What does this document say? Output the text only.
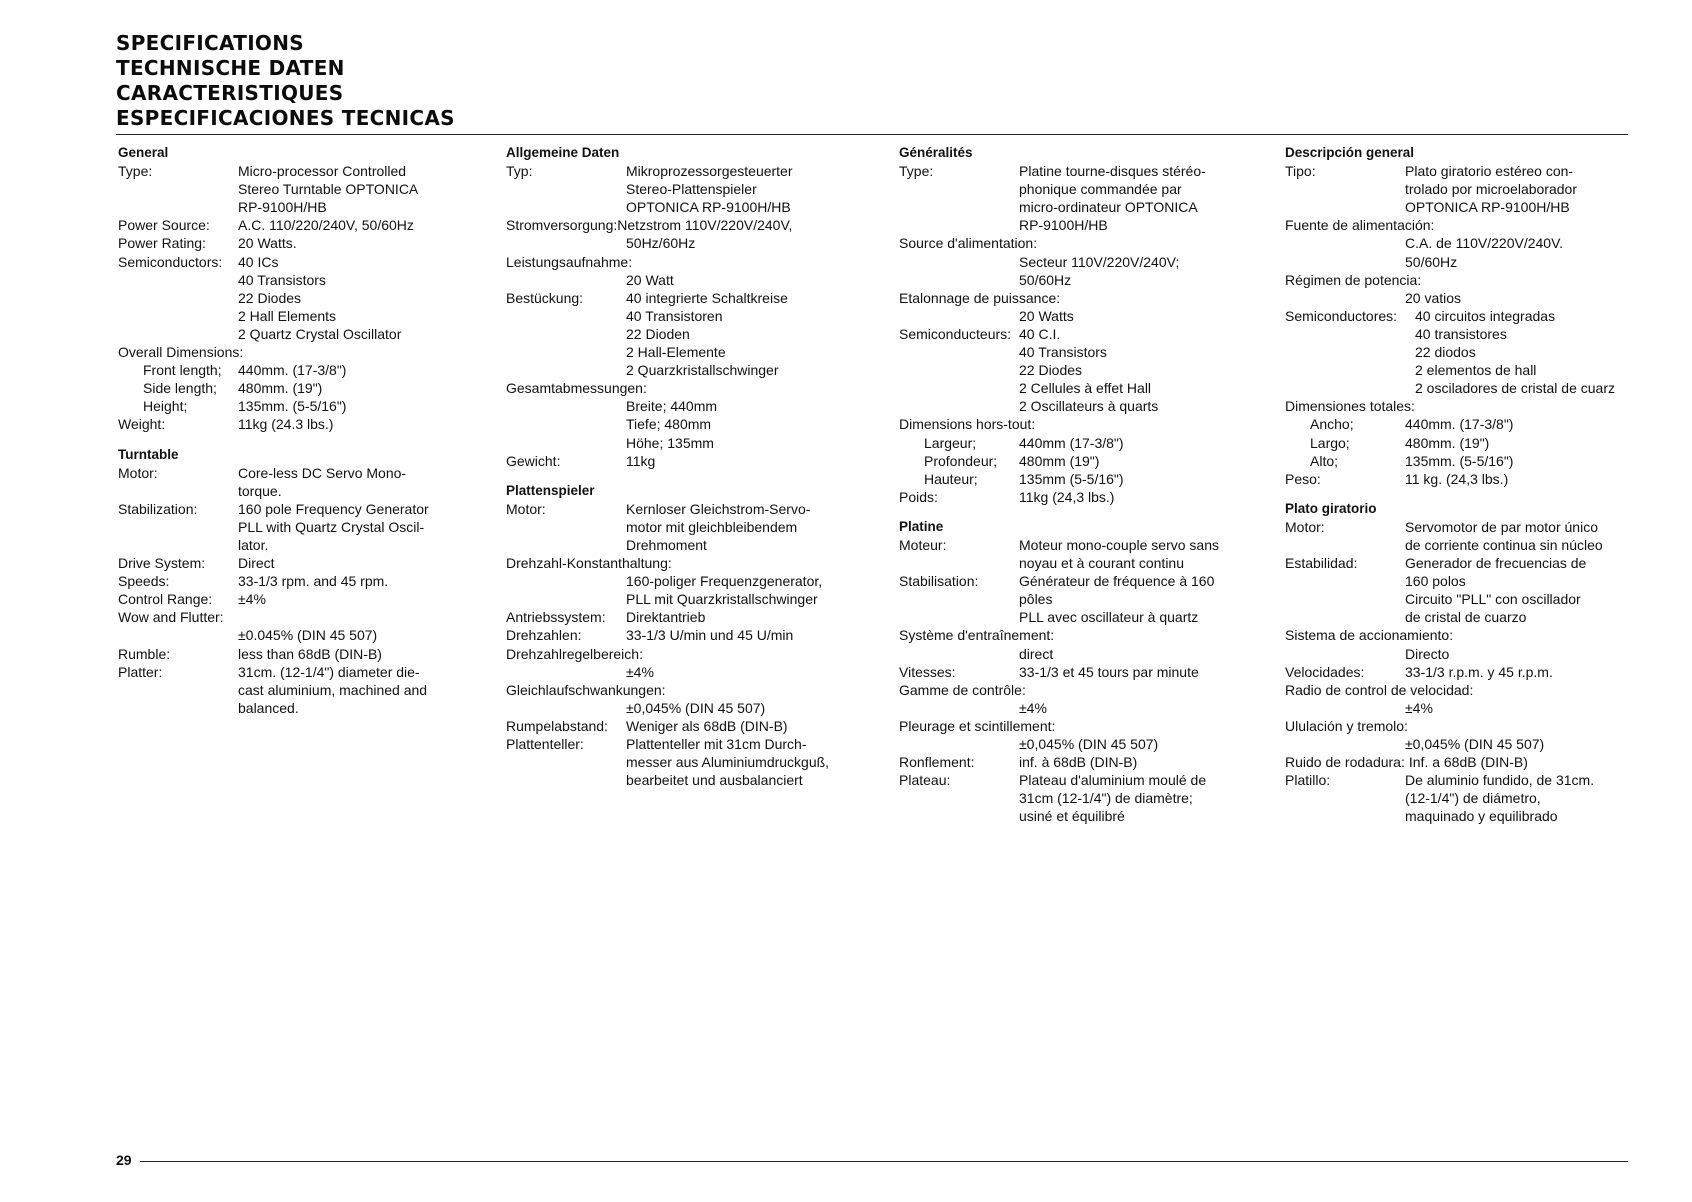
SPECIFICATIONS
TECHNISCHE DATEN
CARACTERISTIQUES
ESPECIFICACIONES TECNICAS
General
Type:	Micro-processor Controlled
Stereo Turntable OPTONICA
RP-9100H/HB
Power Source:	A.C. 110/220/240V, 50/60Hz
Power Rating:	20 Watts.
Semiconductors:	40 ICs
40 Transistors
22 Diodes
2 Hall Elements
2 Quartz Crystal Oscillator
Overall Dimensions:
Front length;	440mm. (17-3/8")
Side length;	480mm. (19")
Height;	135mm. (5-5/16")
Weight:	11kg (24.3 lbs.)
Turntable
Motor:	Core-less DC Servo Mono-
torque.
Stabilization:	160 pole Frequency Generator
PLL with Quartz Crystal Oscil-
lator.
Drive System:	Direct
Speeds:	33-1/3 rpm. and 45 rpm.
Control Range:	±4%
Wow and Flutter:
±0.045% (DIN 45 507)
Rumble:	less than 68dB (DIN-B)
Platter:	31cm. (12-1/4") diameter die-
cast aluminium, machined and
balanced.
Allgemeine Daten
Typ:	Mikroprozessorgesteuerter
Stereo-Plattenspieler
OPTONICA RP-9100H/HB
Stromversorgung: Netzstrom 110V/220V/240V,
50Hz/60Hz
Leistungsaufnahme:
20 Watt
Bestückung:	40 integrierte Schaltkreise
40 Transistoren
22 Dioden
2 Hall-Elemente
2 Quarzkristallschwinger
Gesamtabmessungen:
Breite; 440mm
Tiefe; 480mm
Höhe; 135mm
Gewicht:	11kg
Plattenspieler
Motor:	Kernloser Gleichstrom-Servo-
motor mit gleichbleibendem
Drehmoment
Drehzahl-Konstanthaltung:
160-poliger Frequenzgenerator,
PLL mit Quarzkristallschwinger
Antriebssystem:	Direktantrieb
Drehzahlen:	33-1/3 U/min und 45 U/min
Drehzahlregelbereich:
±4%
Gleichlaufschwankungen:
±0,045% (DIN 45 507)
Rumpelabstand:	Weniger als 68dB (DIN-B)
Plattenteller:	Plattenteller mit 31cm Durch-
messer aus Aluminiumdruckguß,
bearbeitet und ausbalanciert
Généralités
Type:	Platine tourne-disques stéréo-
phonique commandée par
micro-ordinateur OPTONICA
RP-9100H/HB
Source d'alimentation:
Secteur 110V/220V/240V;
50/60Hz
Etalonnage de puissance:
20 Watts
Semiconducteurs: 40 C.I.
40 Transistors
22 Diodes
2 Cellules à effet Hall
2 Oscillateurs à quarts
Dimensions hors-tout:
Largeur;	440mm (17-3/8")
Profondeur;	480mm (19")
Hauteur;	135mm (5-5/16")
Poids:	11kg (24,3 lbs.)
Platine
Moteur:	Moteur mono-couple servo sans
noyau et à courant continu
Stabilisation:	Générateur de fréquence à 160
pôles
PLL avec oscillateur à quartz
Système d'entraînement:
direct
Vitesses:	33-1/3 et 45 tours par minute
Gamme de contrôle:
±4%
Pleurage et scintillement:
±0,045% (DIN 45 507)
Ronflement:	inf. à 68dB (DIN-B)
Plateau:	Plateau d'aluminium moulé de
31cm (12-1/4") de diamètre;
usiné et équilibré
Descripción general
Tipo:	Plato giratorio estéreo con-
trolado por microelaborador
OPTONICA RP-9100H/HB
Fuente de alimentación:
C.A. de 110V/220V/240V.
50/60Hz
Régimen de potencia:
20 vatios
Semiconductores:	40 circuitos integradas
40 transistores
22 diodos
2 elementos de hall
2 osciladores de cristal de cuarz
Dimensiones totales:
Ancho;	440mm. (17-3/8")
Largo;	480mm. (19")
Alto;	135mm. (5-5/16")
Peso:	11 kg. (24,3 lbs.)
Plato giratorio
Motor:	Servomotor de par motor único
de corriente continua sin núcleo
Estabilidad:	Generador de frecuencias de
160 polos
Circuito "PLL" con oscillador
de cristal de cuarzo
Sistema de accionamiento:
Directo
Velocidades:	33-1/3 r.p.m. y 45 r.p.m.
Radio de control de velocidad:
±4%
Ululación y tremolo:
±0,045% (DIN 45 507)
Ruido de rodadura: Inf. a 68dB (DIN-B)
Platillo:	De aluminio fundido, de 31cm.
(12-1/4") de diámetro,
maquinado y equilibrado
29
